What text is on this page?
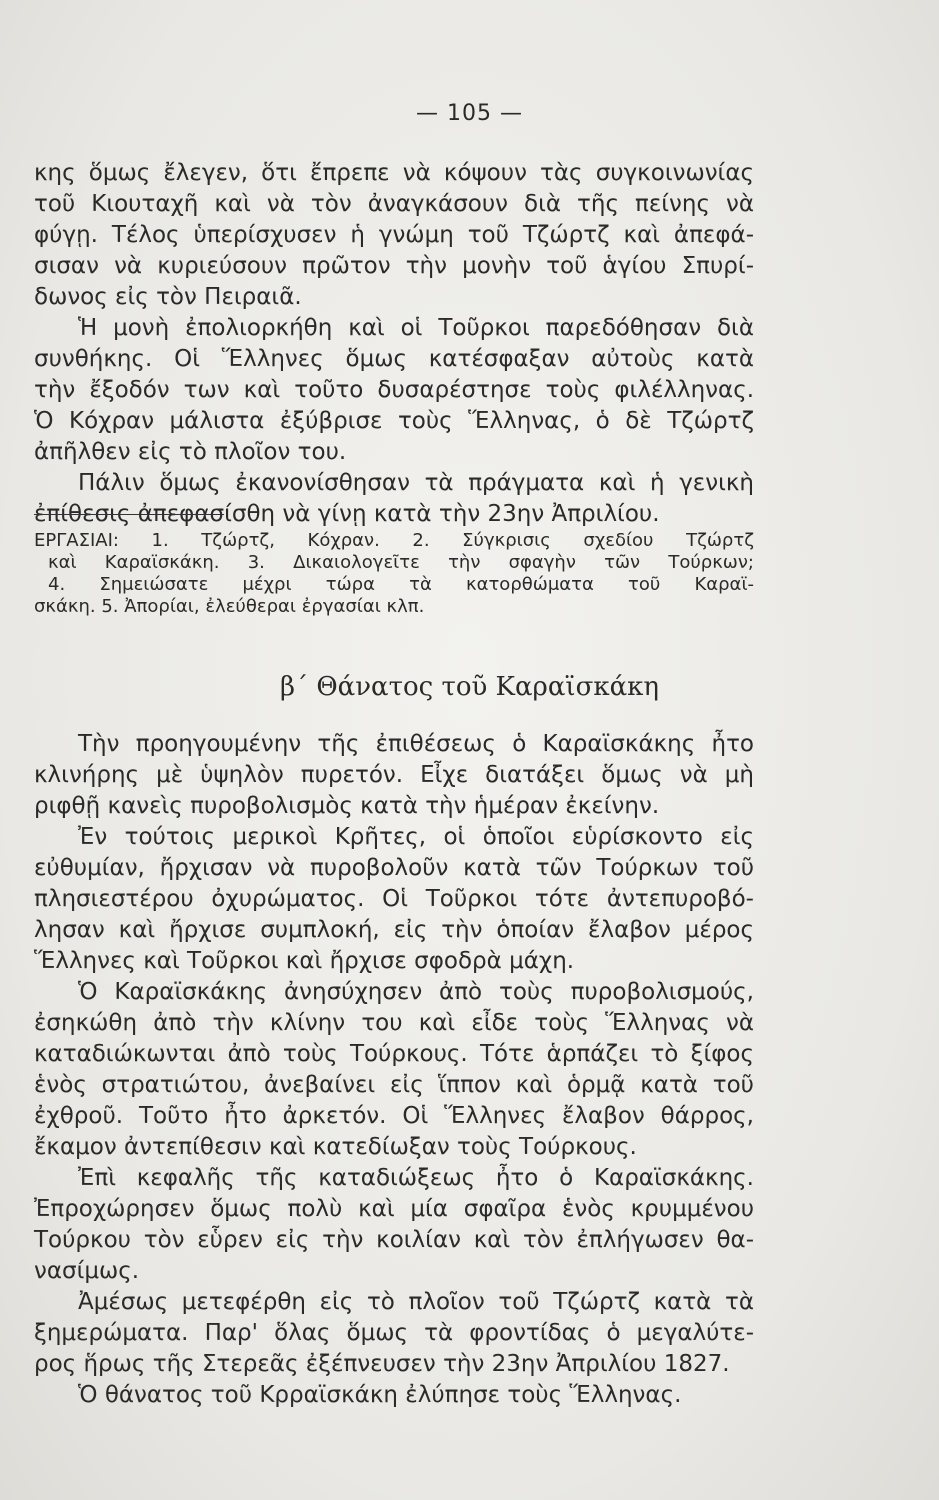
— 105 —
κης ὅμως ἔλεγεν, ὅτι ἔπρεπε νὰ κόψουν τὰς συγκοινωνίας
τοῦ Κιουταχῆ καὶ νὰ τὸν ἀναγκάσουν διὰ τῆς πείνης νὰ
φύγῃ. Τέλος ὑπερίσχυσεν ἡ γνώμη τοῦ Τζώρτζ καὶ ἀπεφά-
σισαν νὰ κυριεύσουν πρῶτον τὴν μονὴν τοῦ ἁγίου Σπυρί-
δωνος εἰς τὸν Πειραιᾶ.
Ἡ μονὴ ἐπολιορκήθη καὶ οἱ Τοῦρκοι παρεδόθησαν διὰ
συνθήκης. Οἱ Ἕλληνες ὅμως κατέσφαξαν αὐτοὺς κατὰ
τὴν ἔξοδόν των καὶ τοῦτο δυσαρέστησε τοὺς φιλέλληνας.
Ὁ Κόχραν μάλιστα ἐξύβρισε τοὺς Ἕλληνας, ὁ δὲ Τζώρτζ
ἀπῆλθεν εἰς τὸ πλοῖον του.
Πάλιν ὅμως ἐκανονίσθησαν τὰ πράγματα καὶ ἡ γενικὴ
ἐπίθεσις ἀπεφασίσθη νὰ γίνῃ κατὰ τὴν 23ην Ἀπριλίου.
ΕΡΓΑΣΙΑΙ: 1. Τζώρτζ, Κόχραν. 2. Σύγκρισις σχεδίου Τζώρτζ
καὶ Καραϊσκάκη. 3. Δικαιολογεῖτε τὴν σφαγὴν τῶν Τούρκων;
4. Σημειώσατε μέχρι τώρα τὰ κατορθώματα τοῦ Καραϊ-
σκάκη. 5. Ἀπορίαι, ἐλεύθεραι ἐργασίαι κλπ.
β΄ Θάνατος τοῦ Καραϊσκάκη
Τὴν προηγουμένην τῆς ἐπιθέσεως ὁ Καραϊσκάκης ἦτο
κλινήρης μὲ ὑψηλὸν πυρετόν. Εἶχε διατάξει ὅμως νὰ μὴ
ριφθῇ κανεὶς πυροβολισμὸς κατὰ τὴν ἡμέραν ἐκείνην.
Ἐν τούτοις μερικοὶ Κρῆτες, οἱ ὁποῖοι εὑρίσκοντο εἰς
εὐθυμίαν, ἤρχισαν νὰ πυροβολοῦν κατὰ τῶν Τούρκων τοῦ
πλησιεστέρου ὀχυρώματος. Οἱ Τοῦρκοι τότε ἀντεπυροβό-
λησαν καὶ ἤρχισε συμπλοκή, εἰς τὴν ὁποίαν ἔλαβον μέρος
Ἕλληνες καὶ Τοῦρκοι καὶ ἤρχισε σφοδρὰ μάχη.
Ὁ Καραϊσκάκης ἀνησύχησεν ἀπὸ τοὺς πυροβολισμούς,
ἐσηκώθη ἀπὸ τὴν κλίνην του καὶ εἶδε τοὺς Ἕλληνας νὰ
καταδιώκωνται ἀπὸ τοὺς Τούρκους. Τότε ἁρπάζει τὸ ξίφος
ἑνὸς στρατιώτου, ἀνεβαίνει εἰς ἵππον καὶ ὁρμᾷ κατὰ τοῦ
ἐχθροῦ. Τοῦτο ἦτο ἀρκετόν. Οἱ Ἕλληνες ἔλαβον θάρρος,
ἔκαμον ἀντεπίθεσιν καὶ κατεδίωξαν τοὺς Τούρκους.
Ἐπὶ κεφαλῆς τῆς καταδιώξεως ἦτο ὁ Καραϊσκάκης.
Ἐπροχώρησεν ὅμως πολὺ καὶ μία σφαῖρα ἑνὸς κρυμμένου
Τούρκου τὸν εὗρεν εἰς τὴν κοιλίαν καὶ τὸν ἐπλήγωσεν θα-
νασίμως.
Ἀμέσως μετεφέρθη εἰς τὸ πλοῖον τοῦ Τζώρτζ κατὰ τὰ
ξημερώματα. Παρ' ὅλας ὅμως τὰ φροντίδας ὁ μεγαλύτε-
ρος ἥρως τῆς Στερεᾶς ἐξέπνευσεν τὴν 23ην Ἀπριλίου 1827.
Ὁ θάνατος τοῦ Κρραϊσκάκη ἐλύπησε τοὺς Ἕλληνας.
